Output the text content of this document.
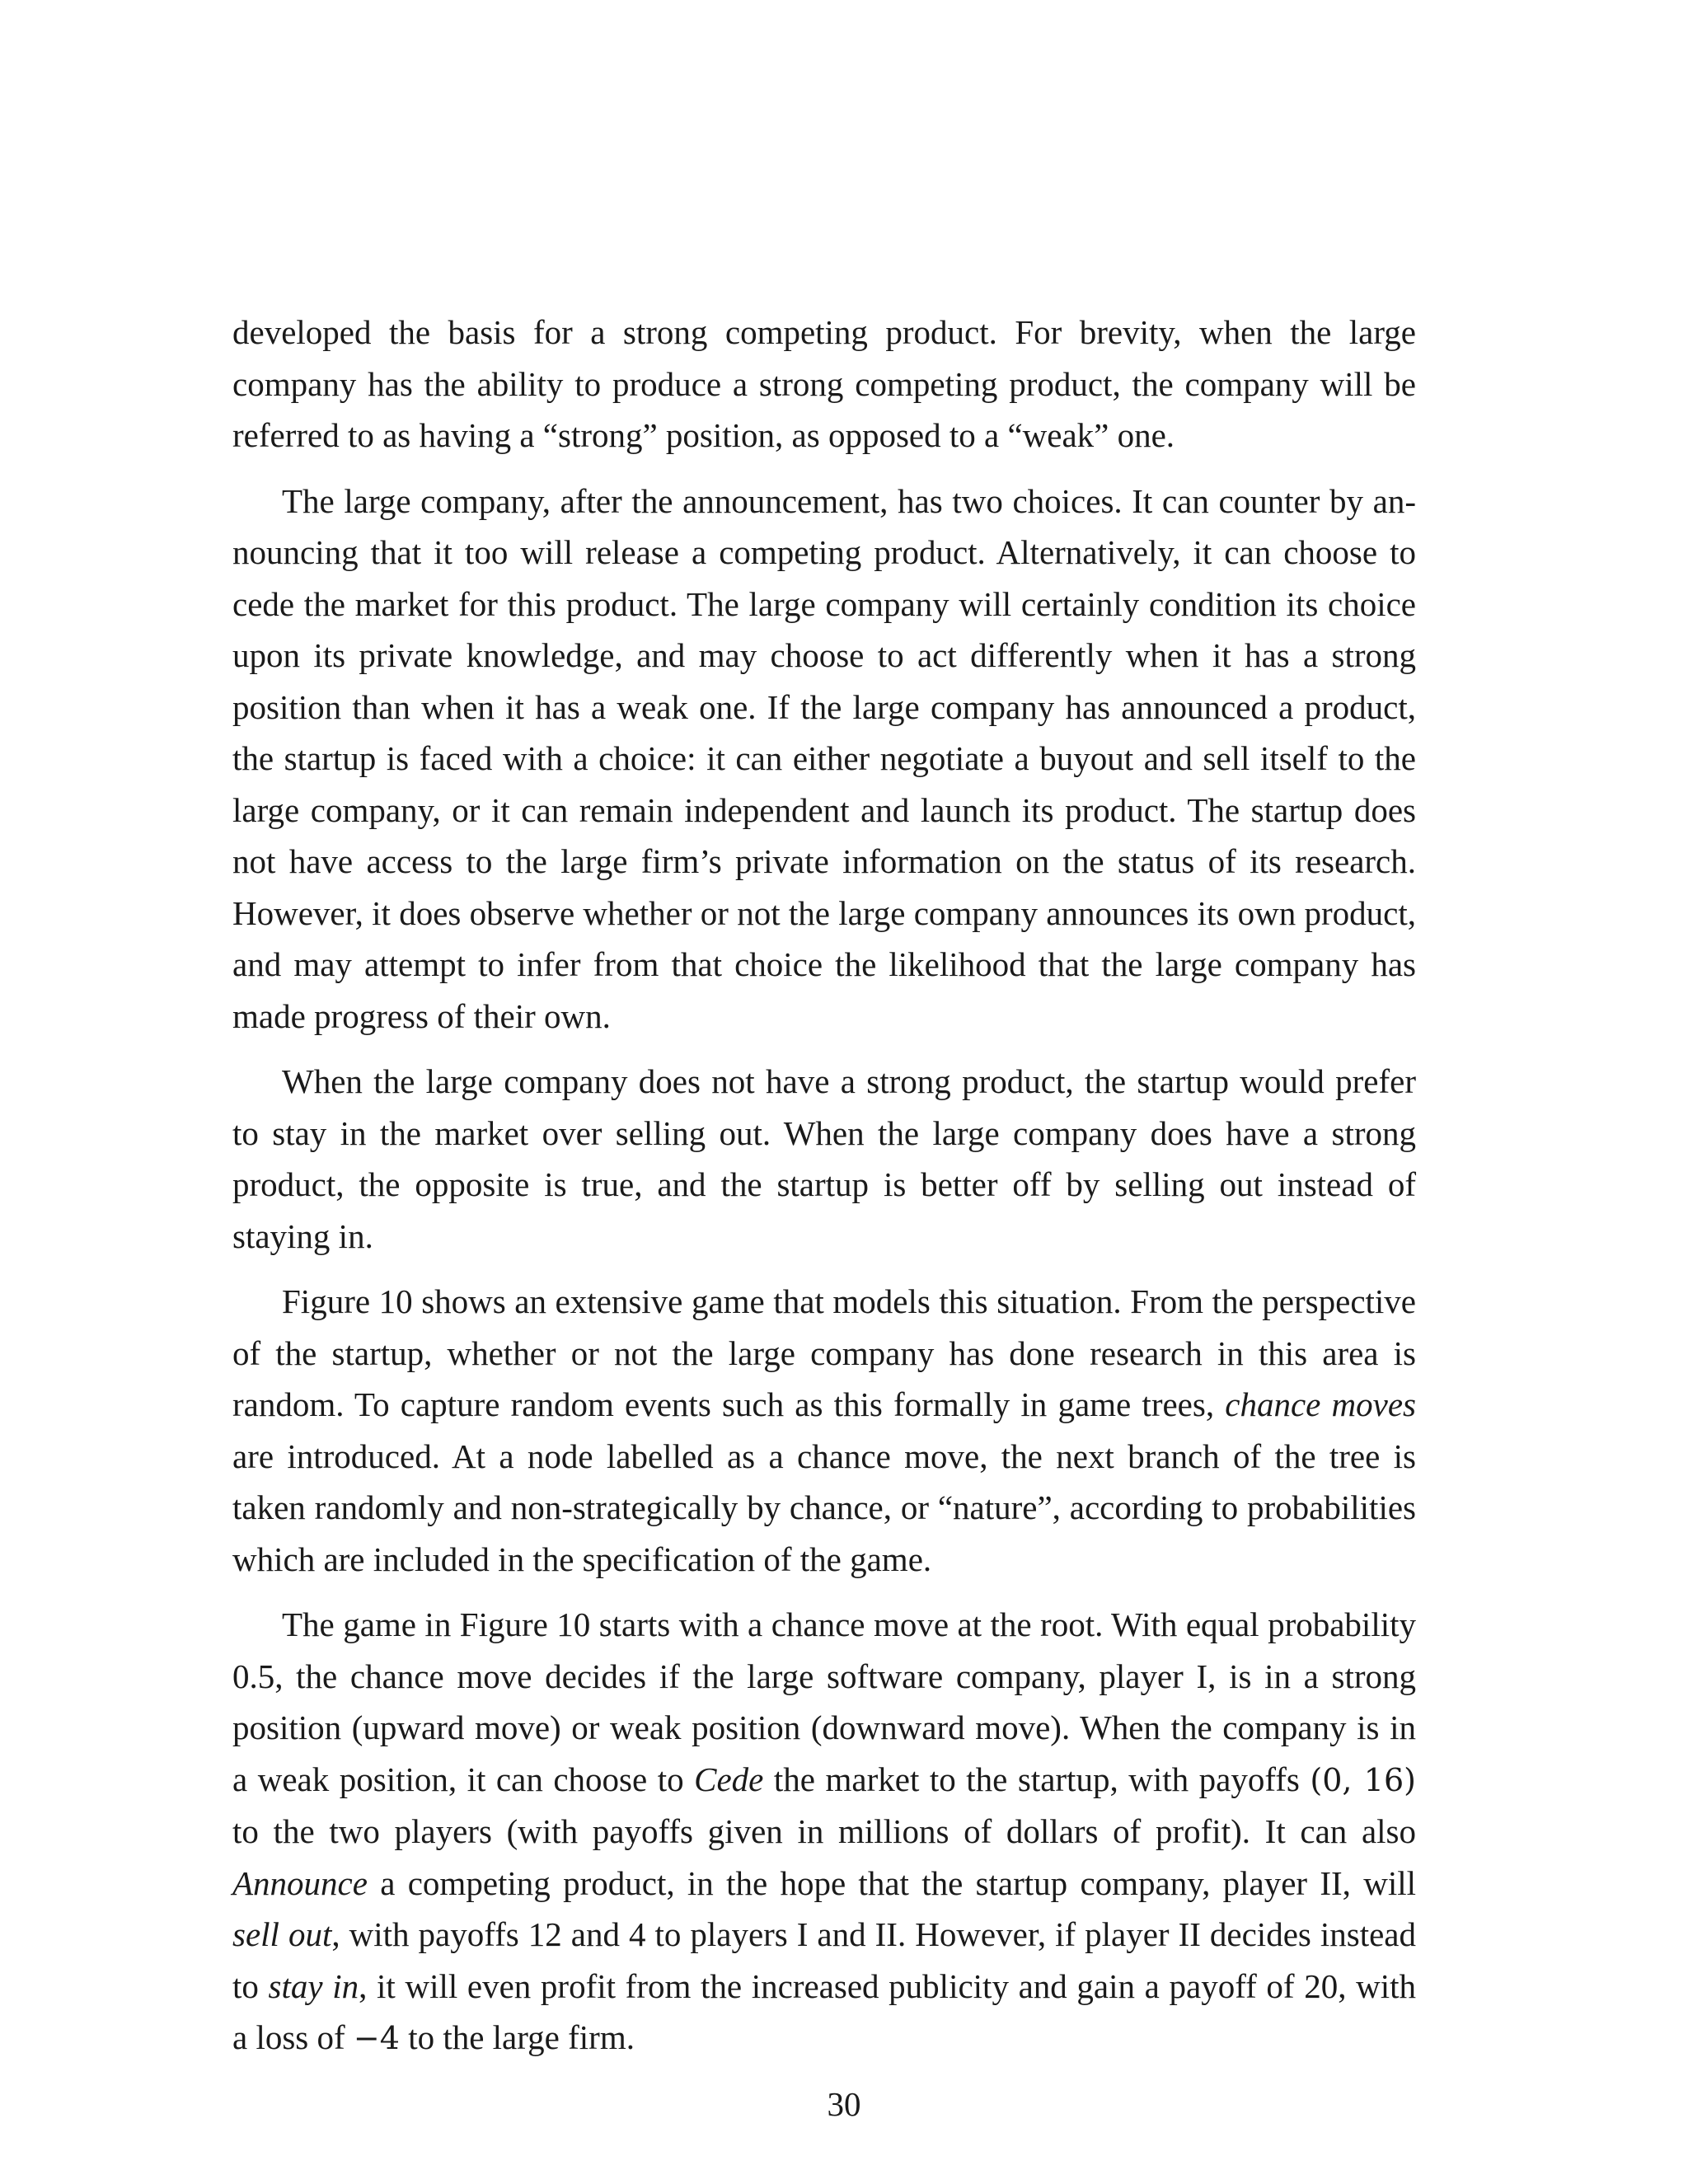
developed the basis for a strong competing product. For brevity, when the large company has the ability to produce a strong competing product, the company will be referred to as having a “strong” position, as opposed to a “weak” one.

The large company, after the announcement, has two choices. It can counter by announcing that it too will release a competing product. Alternatively, it can choose to cede the market for this product. The large company will certainly condition its choice upon its private knowledge, and may choose to act differently when it has a strong position than when it has a weak one. If the large company has announced a product, the startup is faced with a choice: it can either negotiate a buyout and sell itself to the large company, or it can remain independent and launch its product. The startup does not have access to the large firm’s private information on the status of its research. However, it does observe whether or not the large company announces its own product, and may attempt to infer from that choice the likelihood that the large company has made progress of their own.

When the large company does not have a strong product, the startup would prefer to stay in the market over selling out. When the large company does have a strong product, the opposite is true, and the startup is better off by selling out instead of staying in.

Figure 10 shows an extensive game that models this situation. From the perspective of the startup, whether or not the large company has done research in this area is random. To capture random events such as this formally in game trees, chance moves are introduced. At a node labelled as a chance move, the next branch of the tree is taken randomly and non-strategically by chance, or “nature”, according to probabilities which are included in the specification of the game.

The game in Figure 10 starts with a chance move at the root. With equal probability 0.5, the chance move decides if the large software company, player I, is in a strong position (upward move) or weak position (downward move). When the company is in a weak position, it can choose to Cede the market to the startup, with payoffs (0, 16) to the two players (with payoffs given in millions of dollars of profit). It can also Announce a competing product, in the hope that the startup company, player II, will sell out, with payoffs 12 and 4 to players I and II. However, if player II decides instead to stay in, it will even profit from the increased publicity and gain a payoff of 20, with a loss of −4 to the large firm.

30
